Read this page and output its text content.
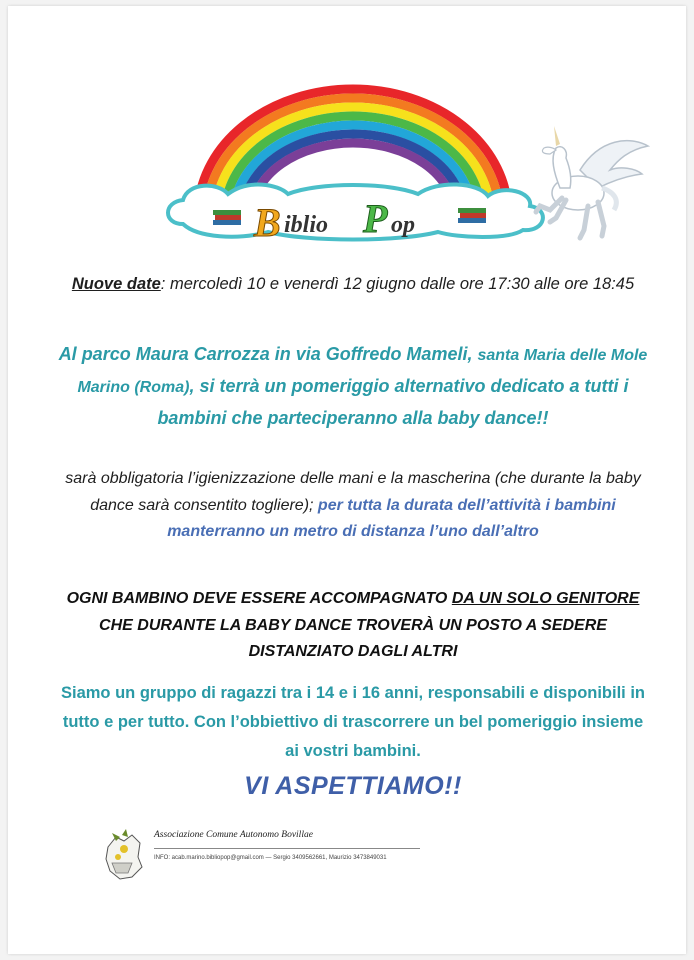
B iblio P op
Nuove date: mercoledì 10 e venerdì 12 giugno dalle ore 17:30 alle ore 18:45
Al parco Maura Carrozza in via Goffredo Mameli, santa Maria delle Mole Marino (Roma), si terrà un pomeriggio alternativo dedicato a tutti i bambini che parteciperanno alla baby dance!!
sarà obbligatoria l’igienizzazione delle mani e la mascherina (che durante la baby dance sarà consentito togliere); per tutta la durata dell’attività i bambini manterranno un metro di distanza l’uno dall’altro
OGNI BAMBINO DEVE ESSERE ACCOMPAGNATO DA UN SOLO GENITORE CHE DURANTE LA BABY DANCE TROVERÀ UN POSTO A SEDERE DISTANZIATO DAGLI ALTRI
Siamo un gruppo di ragazzi tra i 14 e i 16 anni, responsabili e disponibili in tutto e per tutto. Con l’obbiettivo di trascorrere un bel pomeriggio insieme ai vostri bambini.
VI ASPETTIAMO!!
Associazione Comune Autonomo Bovillae
INFO: acab.marino.bibliopop@gmail.com — Sergio 3409562661, Maurizio 3473849031
